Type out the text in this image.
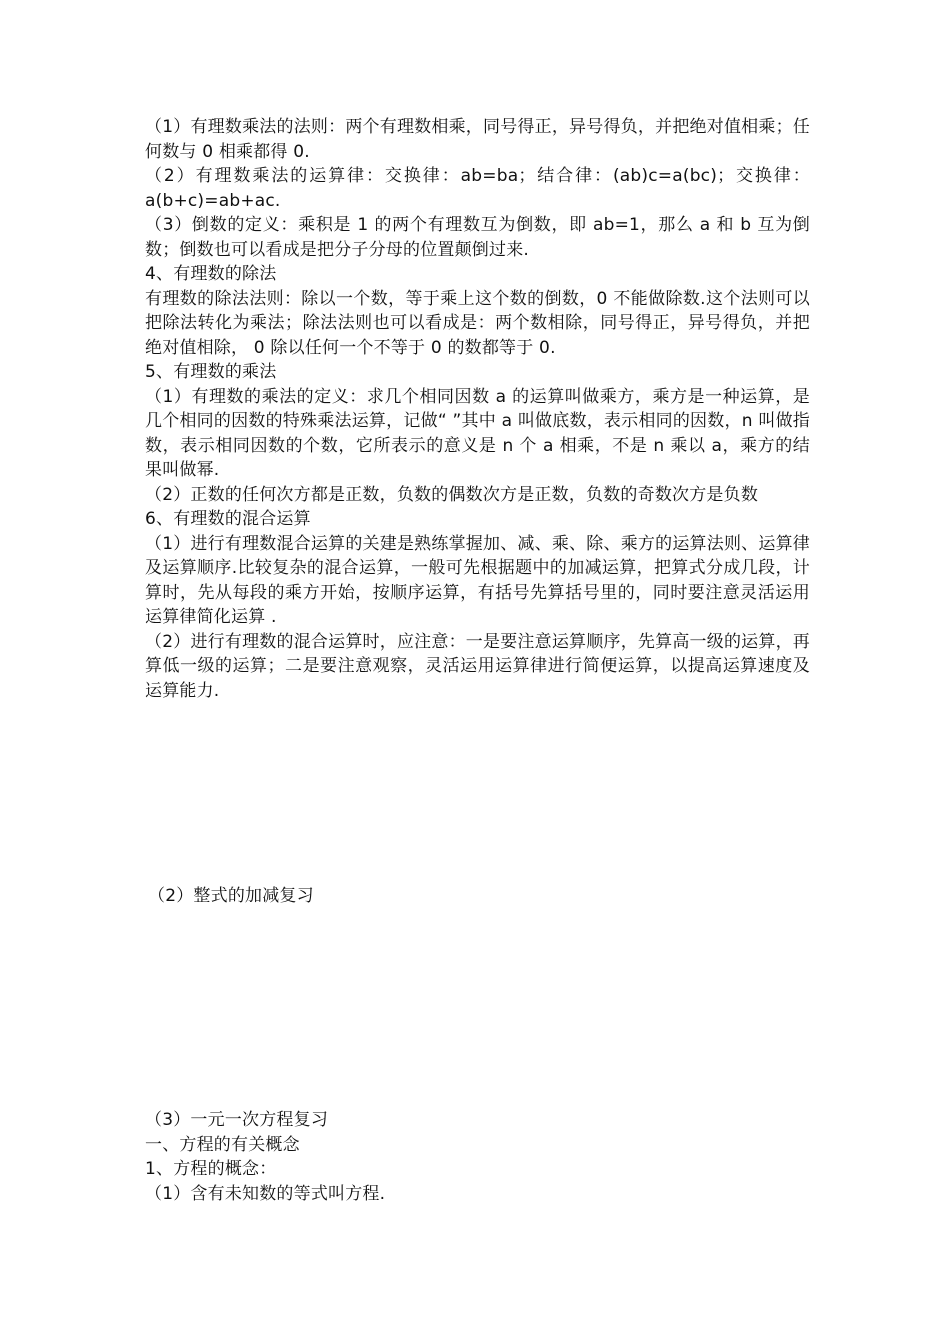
（1）有理数乘法的法则：两个有理数相乘，同号得正，异号得负，并把绝对值相乘；任何数与 0 相乘都得 0.

（2）有理数乘法的运算律：交换律：ab=ba；结合律：(ab)c=a(bc)；交换律：a(b+c)=ab+ac.

（3）倒数的定义：乘积是 1 的两个有理数互为倒数，即 ab=1，那么 a 和 b 互为倒数；倒数也可以看成是把分子分母的位置颠倒过来.

4、有理数的除法

有理数的除法法则：除以一个数，等于乘上这个数的倒数，0 不能做除数.这个法则可以把除法转化为乘法；除法法则也可以看成是：两个数相除，同号得正，异号得负，并把绝对值相除， 0 除以任何一个不等于 0 的数都等于 0.

5、有理数的乘法

（1）有理数的乘法的定义：求几个相同因数 a 的运算叫做乘方，乘方是一种运算，是几个相同的因数的特殊乘法运算，记做“ ”其中 a 叫做底数，表示相同的因数，n 叫做指数，表示相同因数的个数，它所表示的意义是 n 个 a 相乘，不是 n 乘以 a，乘方的结果叫做幂.

（2）正数的任何次方都是正数，负数的偶数次方是正数，负数的奇数次方是负数

6、有理数的混合运算

（1）进行有理数混合运算的关建是熟练掌握加、减、乘、除、乘方的运算法则、运算律及运算顺序.比较复杂的混合运算，一般可先根据题中的加减运算，把算式分成几段，计算时，先从每段的乘方开始，按顺序运算，有括号先算括号里的，同时要注意灵活运用运算律简化运算 .

（2）进行有理数的混合运算时，应注意：一是要注意运算顺序，先算高一级的运算，再算低一级的运算；二是要注意观察，灵活运用运算律进行简便运算，以提高运算速度及运算能力.

（2）整式的加减复习

（3）一元一次方程复习

一、方程的有关概念

1、方程的概念：

（1）含有未知数的等式叫方程.
